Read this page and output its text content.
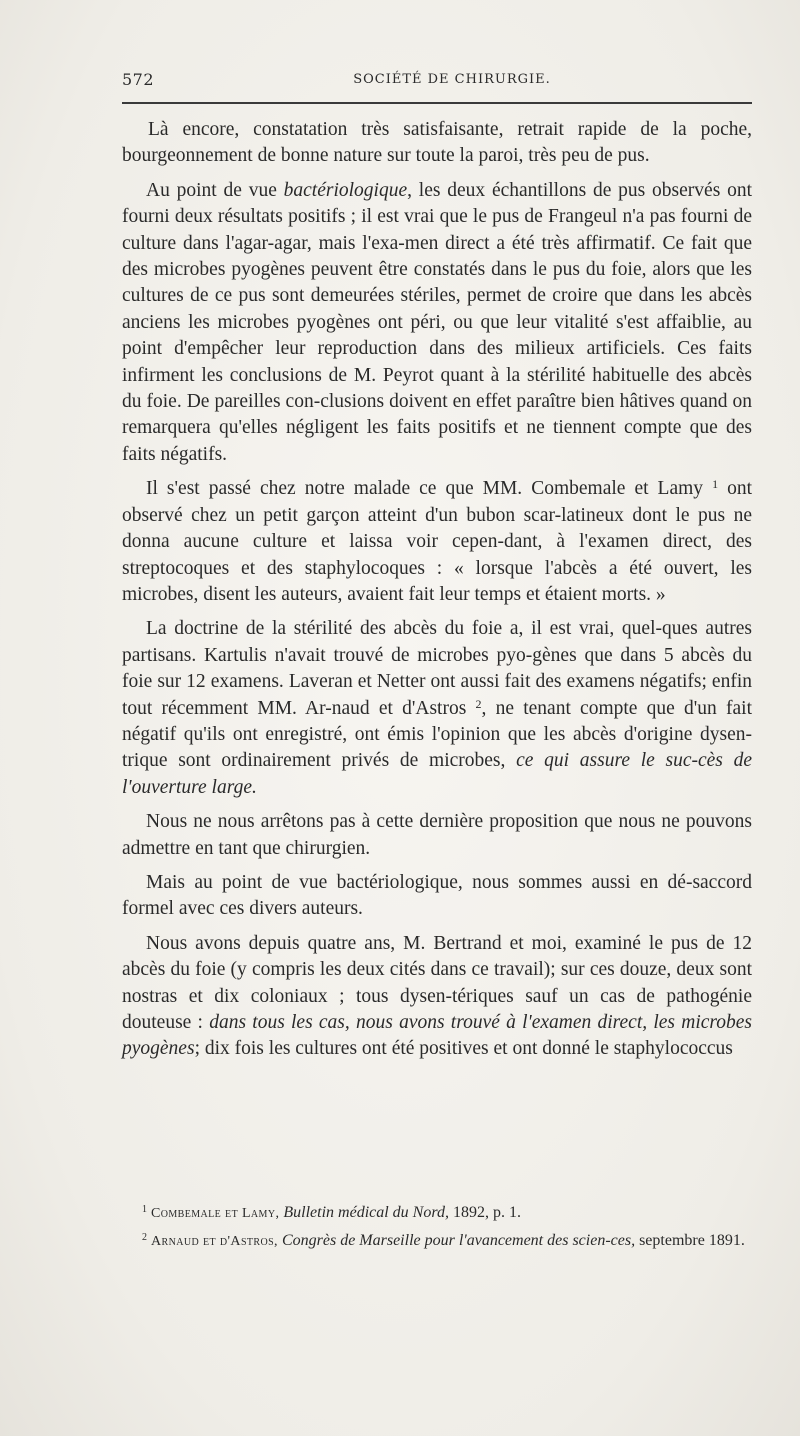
572	SOCIÉTÉ DE CHIRURGIE.

Là encore, constatation très satisfaisante, retrait rapide de la poche, bourgeonnement de bonne nature sur toute la paroi, très peu de pus.

Au point de vue bactériologique, les deux échantillons de pus observés ont fourni deux résultats positifs ; il est vrai que le pus de Frangeul n'a pas fourni de culture dans l'agar-agar, mais l'exa-men direct a été très affirmatif. Ce fait que des microbes pyogènes peuvent être constatés dans le pus du foie, alors que les cultures de ce pus sont demeurées stériles, permet de croire que dans les abcès anciens les microbes pyogènes ont péri, ou que leur vitalité s'est affaiblie, au point d'empêcher leur reproduction dans des milieux artificiels. Ces faits infirment les conclusions de M. Peyrot quant à la stérilité habituelle des abcès du foie. De pareilles con-clusions doivent en effet paraître bien hâtives quand on remarquera qu'elles négligent les faits positifs et ne tiennent compte que des faits négatifs.

Il s'est passé chez notre malade ce que MM. Combemale et Lamy $^1$ ont observé chez un petit garçon atteint d'un bubon scar-latineux dont le pus ne donna aucune culture et laissa voir cepen-dant, à l'examen direct, des streptocoques et des staphylocoques : « lorsque l'abcès a été ouvert, les microbes, disent les auteurs, avaient fait leur temps et étaient morts. »

La doctrine de la stérilité des abcès du foie a, il est vrai, quel-ques autres partisans. Kartulis n'avait trouvé de microbes pyo-gènes que dans 5 abcès du foie sur 12 examens. Laveran et Netter ont aussi fait des examens négatifs; enfin tout récemment MM. Ar-naud et d'Astros $^2$, ne tenant compte que d'un fait négatif qu'ils ont enregistré, ont émis l'opinion que les abcès d'origine dysen-trique sont ordinairement privés de microbes, ce qui assure le suc-cès de l'ouverture large.

Nous ne nous arrêtons pas à cette dernière proposition que nous ne pouvons admettre en tant que chirurgien.

Mais au point de vue bactériologique, nous sommes aussi en dé-saccord formel avec ces divers auteurs.

Nous avons depuis quatre ans, M. Bertrand et moi, examiné le pus de 12 abcès du foie (y compris les deux cités dans ce travail); sur ces douze, deux sont nostras et dix coloniaux ; tous dysen-tériques sauf un cas de pathogénie douteuse : dans tous les cas, nous avons trouvé à l'examen direct, les microbes pyogènes; dix fois les cultures ont été positives et ont donné le staphylococcus

$^1$ Combemale et Lamy, Bulletin médical du Nord, 1892, p. 1.

$^2$ Arnaud et d'Astros, Congrès de Marseille pour l'avancement des scien-ces, septembre 1891.
